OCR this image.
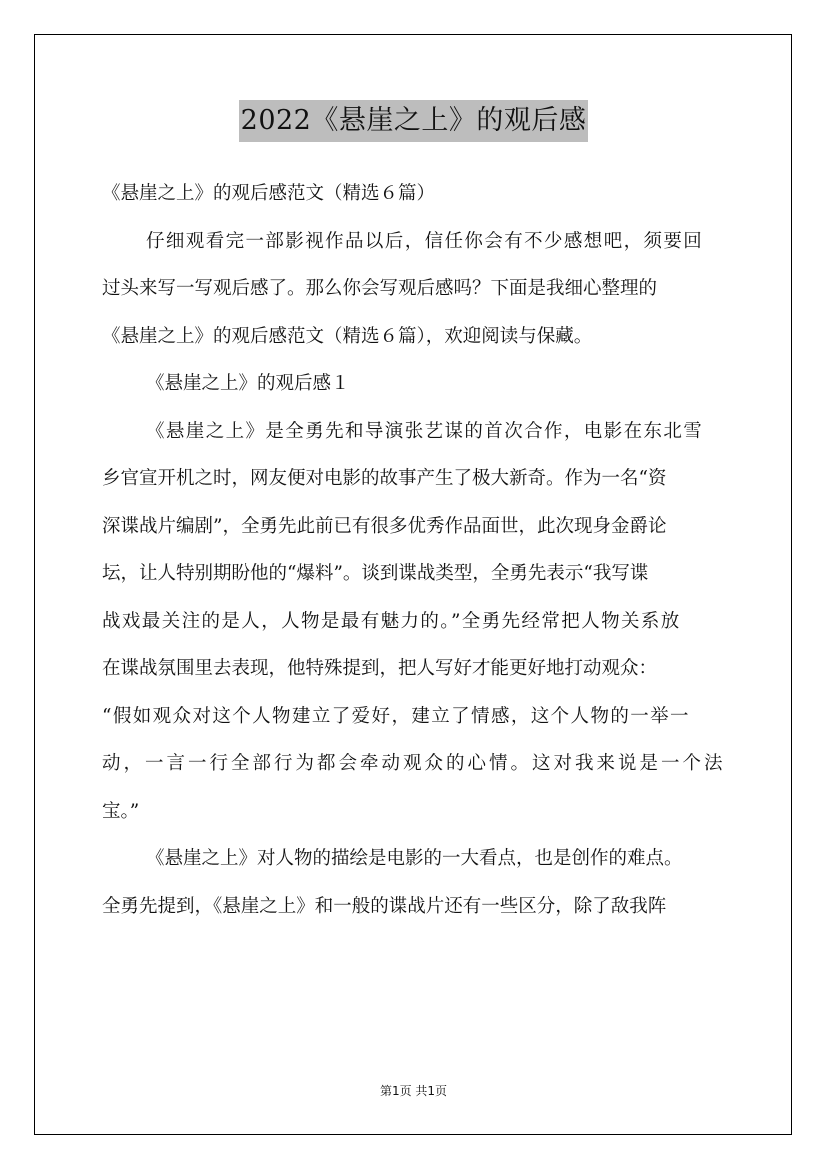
2022《悬崖之上》的观后感
《悬崖之上》的观后感范文（精选６篇）
仔细观看完一部影视作品以后，信任你会有不少感想吧，须要回
过头来写一写观后感了。那么你会写观后感吗？下面是我细心整理的
《悬崖之上》的观后感范文（精选６篇），欢迎阅读与保藏。
《悬崖之上》的观后感１
《悬崖之上》是全勇先和导演张艺谋的首次合作，电影在东北雪
乡官宣开机之时，网友便对电影的故事产生了极大新奇。作为一名“资
深谍战片编剧”，全勇先此前已有很多优秀作品面世，此次现身金爵论
坛，让人特别期盼他的“爆料”。谈到谍战类型，全勇先表示“我写谍
战戏最关注的是人，人物是最有魅力的。”全勇先经常把人物关系放
在谍战氛围里去表现，他特殊提到，把人写好才能更好地打动观众：
“假如观众对这个人物建立了爱好，建立了情感，这个人物的一举一
动，一言一行全部行为都会牵动观众的心情。这对我来说是一个法
宝。”
《悬崖之上》对人物的描绘是电影的一大看点，也是创作的难点。
全勇先提到，《悬崖之上》和一般的谍战片还有一些区分，除了敌我阵
第1页 共1页
